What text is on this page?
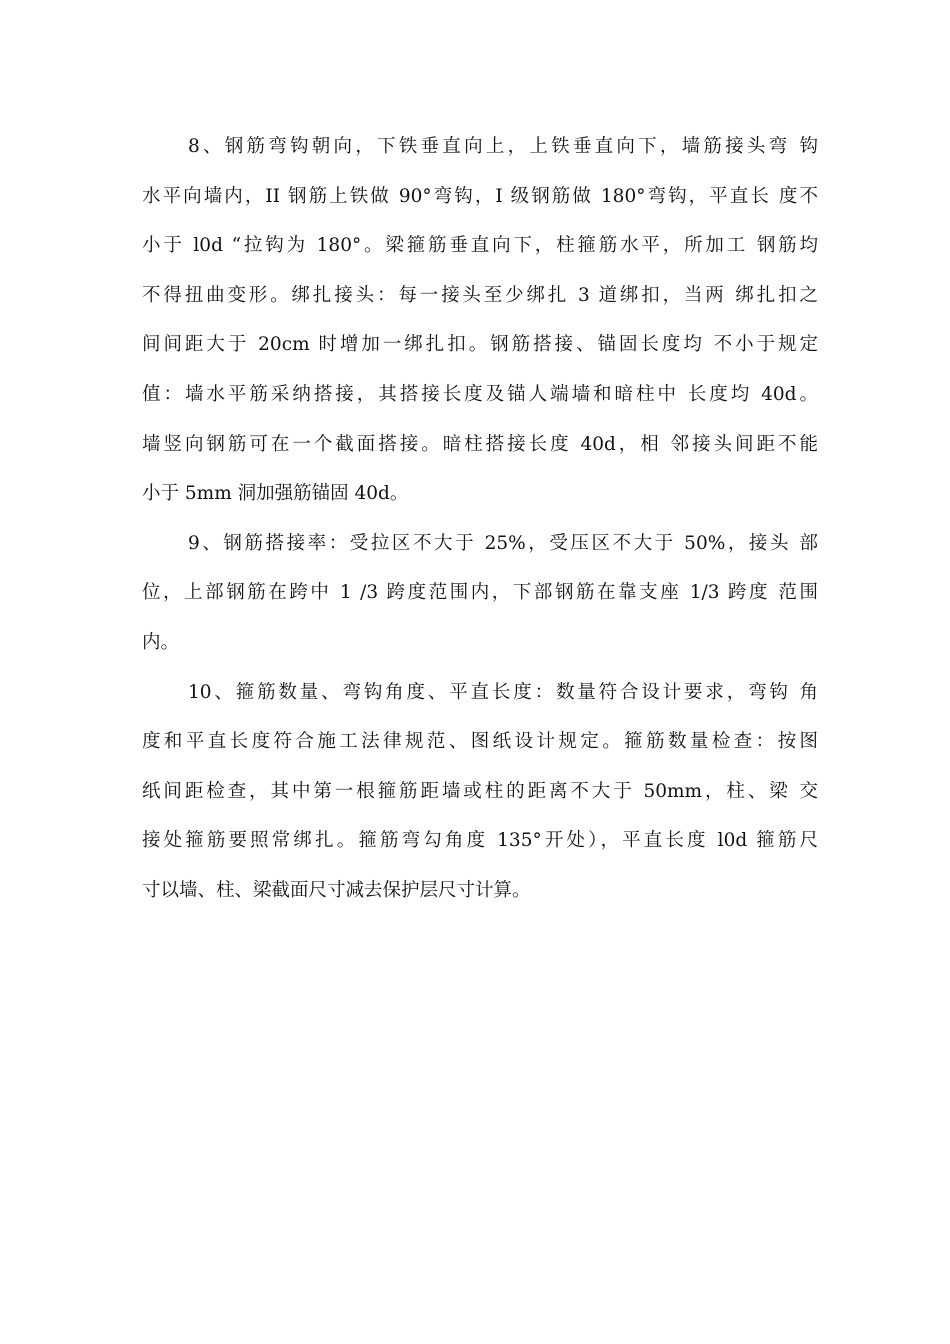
8、钢筋弯钩朝向，下铁垂直向上，上铁垂直向下，墙筋接头弯 钩
水平向墙内，II 钢筋上铁做 90°弯钩，I 级钢筋做 180°弯钩，平直长 度不
小于 l0d “拉钩为 180°。梁箍筋垂直向下，柱箍筋水平，所加工 钢筋均
不得扭曲变形。绑扎接头：每一接头至少绑扎 3 道绑扣，当两 绑扎扣之
间间距大于 20cm 时增加一绑扎扣。钢筋搭接、锚固长度均 不小于规定
值：墙水平筋采纳搭接，其搭接长度及锚人端墙和暗柱中 长度均 40d。
墙竖向钢筋可在一个截面搭接。暗柱搭接长度 40d，相 邻接头间距不能
小于 5mm 洞加强筋锚固 40d。
9、钢筋搭接率：受拉区不大于 25%，受压区不大于 50%，接头 部
位，上部钢筋在跨中 1 /3 跨度范围内，下部钢筋在靠支座 1/3 跨度 范围
内。
10、箍筋数量、弯钩角度、平直长度：数量符合设计要求，弯钩 角
度和平直长度符合施工法律规范、图纸设计规定。箍筋数量检查：按图
纸间距检查，其中第一根箍筋距墙或柱的距离不大于 50mm，柱、梁 交
接处箍筋要照常绑扎。箍筋弯勾角度 135°开处），平直长度 l0d 箍筋尺
寸以墙、柱、梁截面尺寸减去保护层尺寸计算。
